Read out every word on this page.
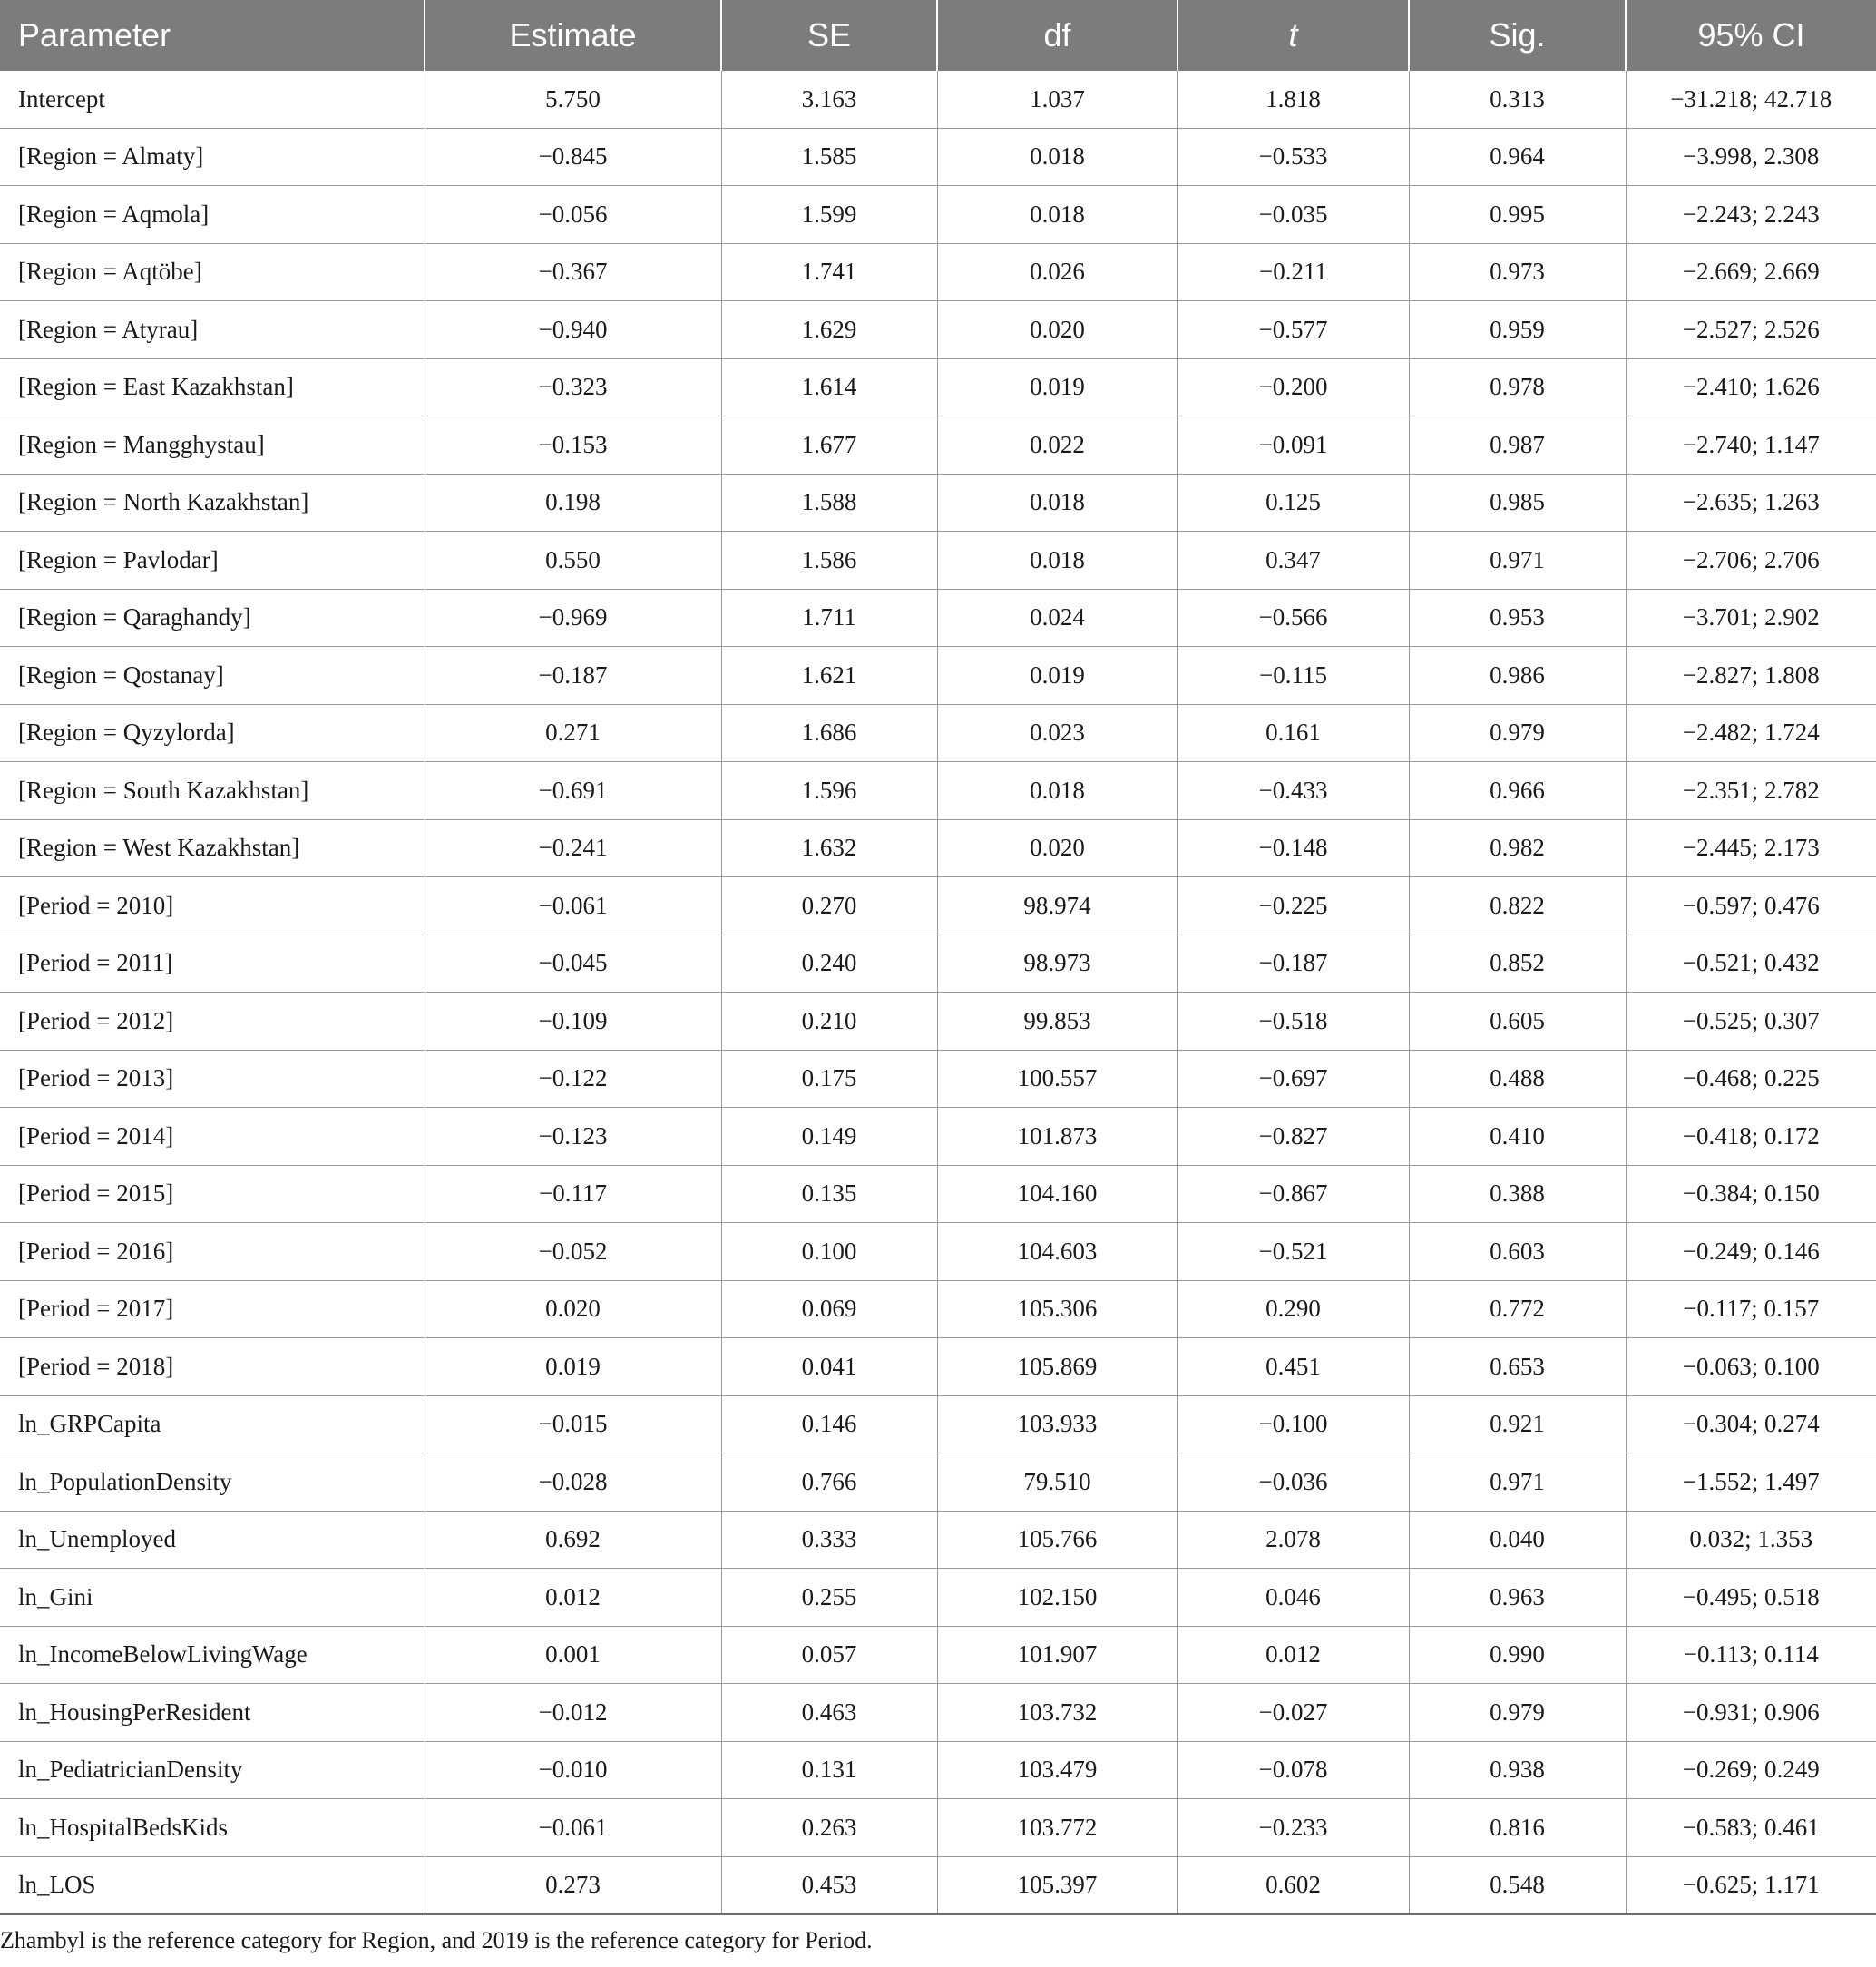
Parameter	Estimate	SE	df	t	Sig.	95% CI
Intercept	5.750	3.163	1.037	1.818	0.313	−31.218; 42.718
[Region = Almaty]	−0.845	1.585	0.018	−0.533	0.964	−3.998, 2.308
[Region = Aqmola]	−0.056	1.599	0.018	−0.035	0.995	−2.243; 2.243
[Region = Aqtöbe]	−0.367	1.741	0.026	−0.211	0.973	−2.669; 2.669
[Region = Atyrau]	−0.940	1.629	0.020	−0.577	0.959	−2.527; 2.526
[Region = East Kazakhstan]	−0.323	1.614	0.019	−0.200	0.978	−2.410; 1.626
[Region = Mangghystau]	−0.153	1.677	0.022	−0.091	0.987	−2.740; 1.147
[Region = North Kazakhstan]	0.198	1.588	0.018	0.125	0.985	−2.635; 1.263
[Region = Pavlodar]	0.550	1.586	0.018	0.347	0.971	−2.706; 2.706
[Region = Qaraghandy]	−0.969	1.711	0.024	−0.566	0.953	−3.701; 2.902
[Region = Qostanay]	−0.187	1.621	0.019	−0.115	0.986	−2.827; 1.808
[Region = Qyzylorda]	0.271	1.686	0.023	0.161	0.979	−2.482; 1.724
[Region = South Kazakhstan]	−0.691	1.596	0.018	−0.433	0.966	−2.351; 2.782
[Region = West Kazakhstan]	−0.241	1.632	0.020	−0.148	0.982	−2.445; 2.173
[Period = 2010]	−0.061	0.270	98.974	−0.225	0.822	−0.597; 0.476
[Period = 2011]	−0.045	0.240	98.973	−0.187	0.852	−0.521; 0.432
[Period = 2012]	−0.109	0.210	99.853	−0.518	0.605	−0.525; 0.307
[Period = 2013]	−0.122	0.175	100.557	−0.697	0.488	−0.468; 0.225
[Period = 2014]	−0.123	0.149	101.873	−0.827	0.410	−0.418; 0.172
[Period = 2015]	−0.117	0.135	104.160	−0.867	0.388	−0.384; 0.150
[Period = 2016]	−0.052	0.100	104.603	−0.521	0.603	−0.249; 0.146
[Period = 2017]	0.020	0.069	105.306	0.290	0.772	−0.117; 0.157
[Period = 2018]	0.019	0.041	105.869	0.451	0.653	−0.063; 0.100
ln_GRPCapita	−0.015	0.146	103.933	−0.100	0.921	−0.304; 0.274
ln_PopulationDensity	−0.028	0.766	79.510	−0.036	0.971	−1.552; 1.497
ln_Unemployed	0.692	0.333	105.766	2.078	0.040	0.032; 1.353
ln_Gini	0.012	0.255	102.150	0.046	0.963	−0.495; 0.518
ln_IncomeBelowLivingWage	0.001	0.057	101.907	0.012	0.990	−0.113; 0.114
ln_HousingPerResident	−0.012	0.463	103.732	−0.027	0.979	−0.931; 0.906
ln_PediatricianDensity	−0.010	0.131	103.479	−0.078	0.938	−0.269; 0.249
ln_HospitalBedsKids	−0.061	0.263	103.772	−0.233	0.816	−0.583; 0.461
ln_LOS	0.273	0.453	105.397	0.602	0.548	−0.625; 1.171
Zhambyl is the reference category for Region, and 2019 is the reference category for Period.
